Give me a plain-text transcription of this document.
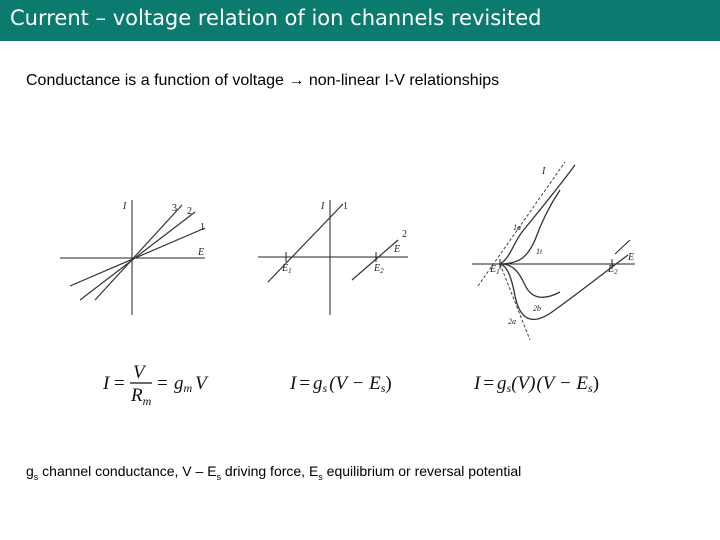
Current – voltage relation of ion channels revisited
Conductance is a function of voltage → non-linear I-V relationships
I	3 2
1
E
I 1
2
E
$E_1$	$E_2$
I
E
1a
1t
2b
2a
$E_1$	$E_2$
I =
V
$R_m$
= gm V	I = gs (V − Es)	I = gs(V)(V − Es)
$g_s$ channel conductance, V – $E_s$ driving force, $E_s$ equilibrium or reversal potential
